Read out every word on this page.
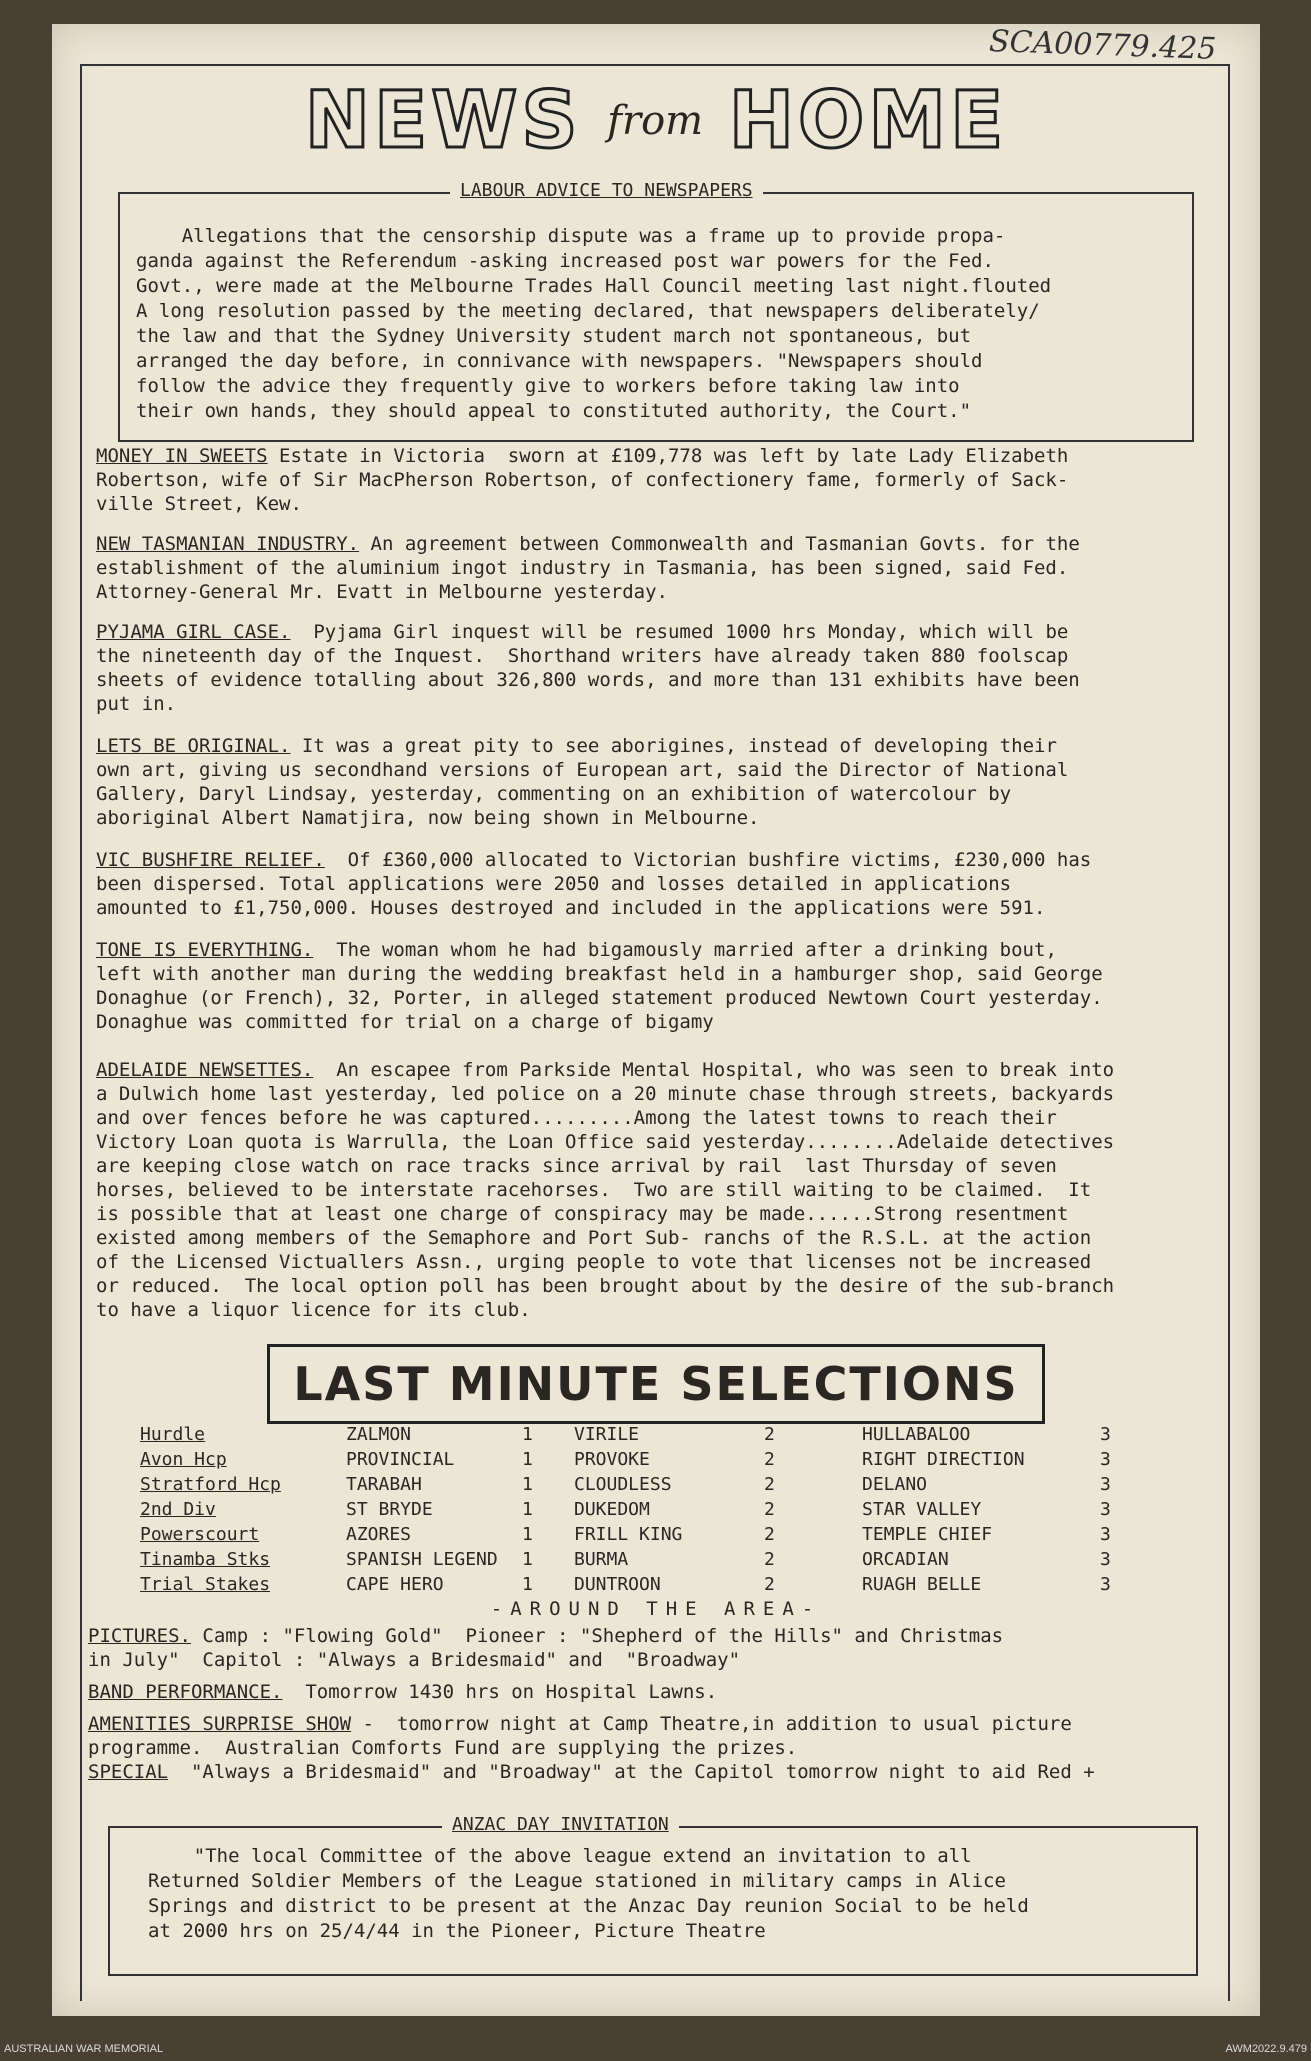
SCA00779.425
NEWS from HOME
LABOUR ADVICE TO NEWSPAPERS
Allegations that the censorship dispute was a frame up to provide propa-
ganda against the Referendum -asking increased post war powers for the Fed.
Govt., were made at the Melbourne Trades Hall Council meeting last night.flouted
A long resolution passed by the meeting declared, that newspapers deliberately/
the law and that the Sydney University student march not spontaneous, but
arranged the day before, in connivance with newspapers. "Newspapers should
follow the advice they frequently give to workers before taking law into
their own hands, they should appeal to constituted authority, the Court."
MONEY IN SWEETS Estate in Victoria  sworn at £109,778 was left by late Lady Elizabeth
Robertson, wife of Sir MacPherson Robertson, of confectionery fame, formerly of Sack-
ville Street, Kew.
NEW TASMANIAN INDUSTRY. An agreement between Commonwealth and Tasmanian Govts. for the
establishment of the aluminium ingot industry in Tasmania, has been signed, said Fed.
Attorney-General Mr. Evatt in Melbourne yesterday.
PYJAMA GIRL CASE.  Pyjama Girl inquest will be resumed 1000 hrs Monday, which will be
the nineteenth day of the Inquest.  Shorthand writers have already taken 880 foolscap
sheets of evidence totalling about 326,800 words, and more than 131 exhibits have been
put in.
LETS BE ORIGINAL. It was a great pity to see aborigines, instead of developing their
own art, giving us secondhand versions of European art, said the Director of National
Gallery, Daryl Lindsay, yesterday, commenting on an exhibition of watercolour by
aboriginal Albert Namatjira, now being shown in Melbourne.
VIC BUSHFIRE RELIEF.  Of £360,000 allocated to Victorian bushfire victims, £230,000 has
been dispersed. Total applications were 2050 and losses detailed in applications
amounted to £1,750,000. Houses destroyed and included in the applications were 591.
TONE IS EVERYTHING.  The woman whom he had bigamously married after a drinking bout,
left with another man during the wedding breakfast held in a hamburger shop, said George
Donaghue (or French), 32, Porter, in alleged statement produced Newtown Court yesterday.
Donaghue was committed for trial on a charge of bigamy
ADELAIDE NEWSETTES.  An escapee from Parkside Mental Hospital, who was seen to break into
a Dulwich home last yesterday, led police on a 20 minute chase through streets, backyards
and over fences before he was captured.........Among the latest towns to reach their
Victory Loan quota is Warrulla, the Loan Office said yesterday........Adelaide detectives
are keeping close watch on race tracks since arrival by rail  last Thursday of seven
horses, believed to be interstate racehorses.  Two are still waiting to be claimed.  It
is possible that at least one charge of conspiracy may be made......Strong resentment
existed among members of the Semaphore and Port Sub- ranchs of the R.S.L. at the action
of the Licensed Victuallers Assn., urging people to vote that licenses not be increased
or reduced.  The local option poll has been brought about by the desire of the sub-branch
to have a liquor licence for its club.
LAST MINUTE SELECTIONS
Hurdle	ZALMON	1 VIRILE	2	HULLABALOO	3
Avon Hcp	PROVINCIAL	1 PROVOKE	2	RIGHT DIRECTION	3
Stratford Hcp	TARABAH	1 CLOUDLESS	2	DELANO	3
2nd Div	ST BRYDE	1 DUKEDOM	2	STAR VALLEY	3
Powerscourt	AZORES	1 FRILL KING	2	TEMPLE CHIEF	3
Tinamba Stks	SPANISH LEGEND 1 BURMA	2	ORCADIAN	3
Trial Stakes	CAPE HERO	1 DUNTROON	2	RUAGH BELLE	3
-AROUND THE AREA-
PICTURES. Camp : "Flowing Gold"  Pioneer : "Shepherd of the Hills" and Christmas
in July"  Capitol : "Always a Bridesmaid" and  "Broadway"
BAND PERFORMANCE.  Tomorrow 1430 hrs on Hospital Lawns.
AMENITIES SURPRISE SHOW -  tomorrow night at Camp Theatre,in addition to usual picture
programme.  Australian Comforts Fund are supplying the prizes.
SPECIAL  "Always a Bridesmaid" and "Broadway" at the Capitol tomorrow night to aid Red +
ANZAC DAY INVITATION
"The local Committee of the above league extend an invitation to all
Returned Soldier Members of the League stationed in military camps in Alice
Springs and district to be present at the Anzac Day reunion Social to be held
at 2000 hrs on 25/4/44 in the Pioneer, Picture Theatre
AUSTRALIAN WAR MEMORIAL	AWM2022.9.479
